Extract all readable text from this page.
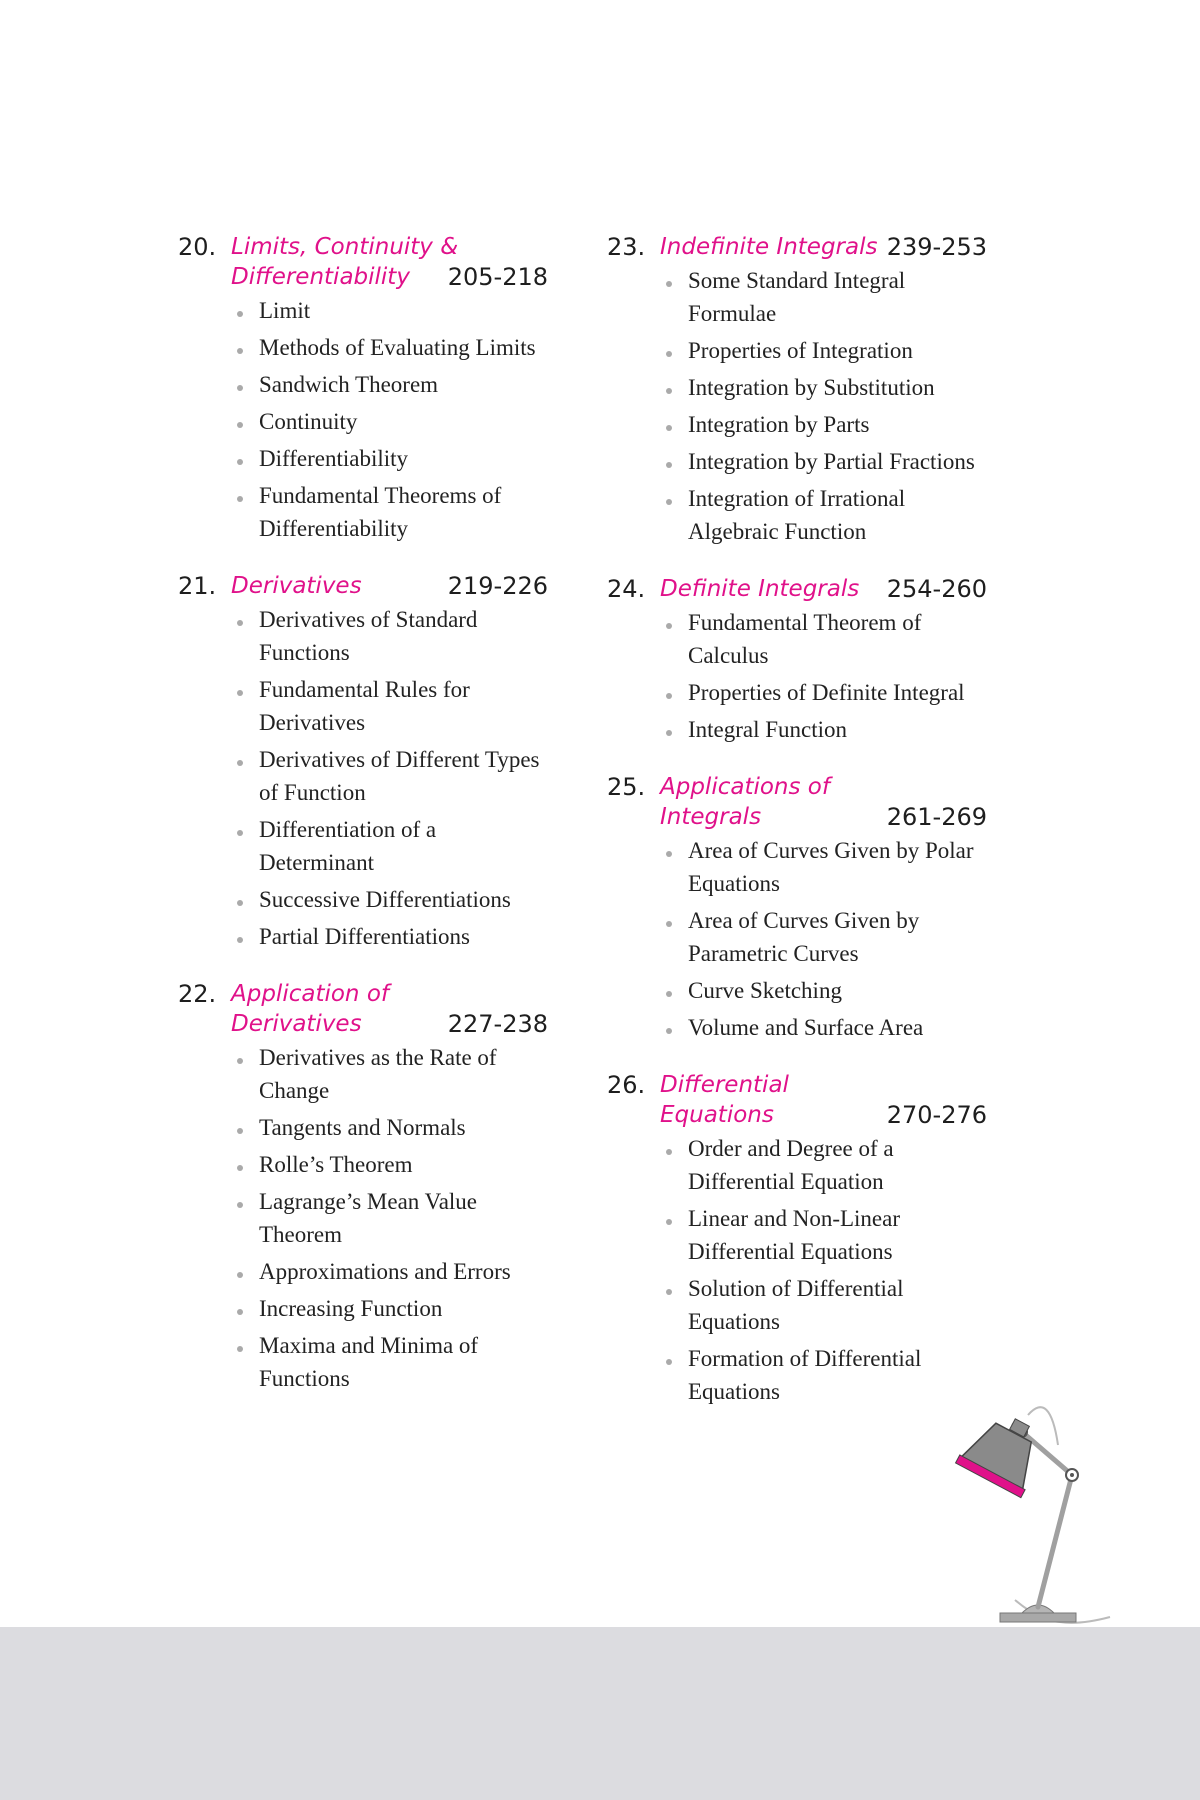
20. Limits, Continuity & Differentiability	205-218
Limit
Methods of Evaluating Limits
Sandwich Theorem
Continuity
Differentiability
Fundamental Theorems of Differentiability
21. Derivatives	219-226
Derivatives of Standard Functions
Fundamental Rules for Derivatives
Derivatives of Different Types of Function
Differentiation of a Determinant
Successive Differentiations
Partial Differentiations
22. Application of Derivatives	227-238
Derivatives as the Rate of Change
Tangents and Normals
Rolle’s Theorem
Lagrange’s Mean Value Theorem
Approximations and Errors
Increasing Function
Maxima and Minima of Functions
23. Indefinite Integrals 239-253
Some Standard Integral Formulae
Properties of Integration
Integration by Substitution
Integration by Parts
Integration by Partial Fractions
Integration of Irrational Algebraic Function
24. Definite Integrals	254-260
Fundamental Theorem of Calculus
Properties of Definite Integral
Integral Function
25. Applications of Integrals	261-269
Area of Curves Given by Polar Equations
Area of Curves Given by Parametric Curves
Curve Sketching
Volume and Surface Area
26. Differential Equations	270-276
Order and Degree of a Differential Equation
Linear and Non-Linear Differential Equations
Solution of Differential Equations
Formation of Differential Equations
